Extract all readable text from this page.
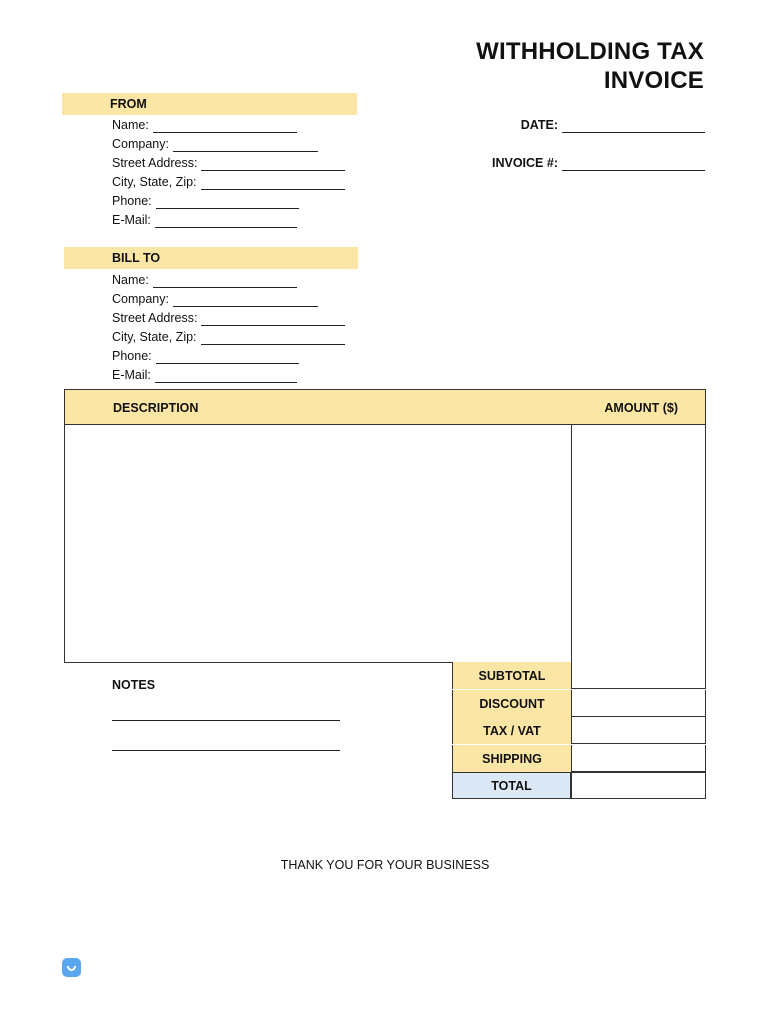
WITHHOLDING TAX
INVOICE
FROM
Name:
Company:
Street Address:
City, State, Zip:
Phone:
E-Mail:
DATE:
INVOICE #:
BILL TO
Name:
Company:
Street Address:
City, State, Zip:
Phone:
E-Mail:
DESCRIPTION	AMOUNT ($)
NOTES
SUBTOTAL
DISCOUNT
TAX / VAT
SHIPPING
TOTAL
THANK YOU FOR YOUR BUSINESS
